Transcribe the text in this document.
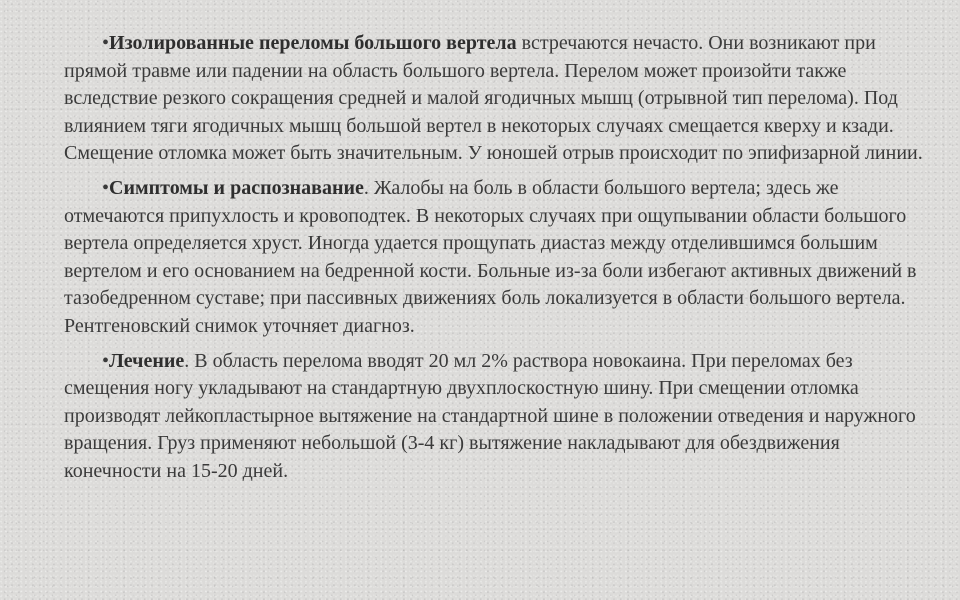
•Изолированные переломы большого вертела встречаются нечасто. Они возникают при прямой травме или падении на область большого вертела. Перелом может произойти также вследствие резкого сокращения средней и малой ягодичных мышц (отрывной тип перелома). Под влиянием тяги ягодичных мышц большой вертел в некоторых случаях смещается кверху и кзади. Смещение отломка может быть значительным. У юношей отрыв происходит по эпифизарной линии.

•Симптомы и распознавание. Жалобы на боль в области большого вертела; здесь же отмечаются припухлость и кровоподтек. В некоторых случаях при ощупывании области большого вертела определяется хруст. Иногда удается прощупать диастаз между отделившимся большим вертелом и его основанием на бедренной кости. Больные из-за боли избегают активных движений в тазобедренном суставе; при пассивных движениях боль локализуется в области большого вертела. Рентгеновский снимок уточняет диагноз.

•Лечение. В область перелома вводят 20 мл 2% раствора новокаина. При переломах без смещения ногу укладывают на стандартную двухплоскостную шину. При смещении отломка производят лейкопластырное вытяжение на стандартной шине в положении отведения и наружного вращения. Груз применяют небольшой (3-4 кг) вытяжение накладывают для обездвижения конечности на 15-20 дней.
